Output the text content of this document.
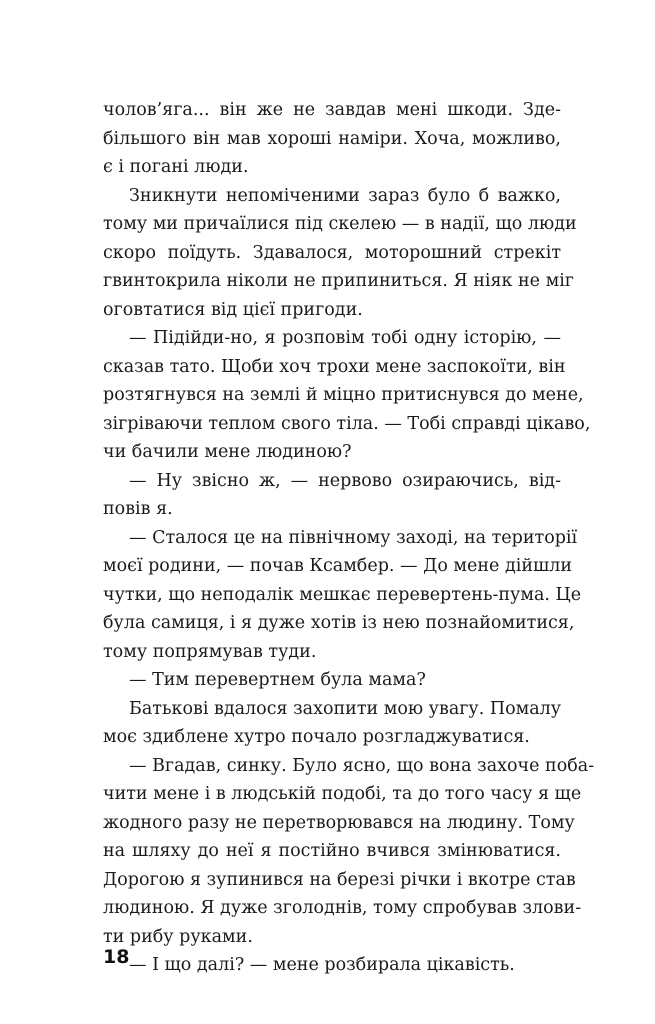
чолов’яга... він же не завдав мені шкоди. Зде-
більшого він мав хороші наміри. Хоча, можливо,
є і погані люди.
Зникнути непоміченими зараз було б важко,
тому ми причаїлися під скелею — в надії, що люди
скоро поїдуть. Здавалося, моторошний стрекіт
гвинтокрила ніколи не припиниться. Я ніяк не міг
оговтатися від цієї пригоди.
— Підійди-но, я розповім тобі одну історію, —
сказав тато. Щоби хоч трохи мене заспокоїти, він
розтягнувся на землі й міцно притиснувся до мене,
зігріваючи теплом свого тіла. — Тобі справді цікаво,
чи бачили мене людиною?
— Ну звісно ж, — нервово озираючись, від-
повів я.
— Сталося це на північному заході, на території
моєї родини, — почав Ксамбер. — До мене дійшли
чутки, що неподалік мешкає перевертень-пума. Це
була самиця, і я дуже хотів із нею познайомитися,
тому попрямував туди.
— Тим перевертнем була мама?
Батькові вдалося захопити мою увагу. Помалу
моє здиблене хутро почало розгладжуватися.
— Вгадав, синку. Було ясно, що вона захоче поба-
чити мене і в людській подобі, та до того часу я ще
жодного разу не перетворювався на людину. Тому
на шляху до неї я постійно вчився змінюватися.
Дорогою я зупинився на березі річки і вкотре став
людиною. Я дуже зголоднів, тому спробував злови-
ти рибу руками.
— І що далі? — мене розбирала цікавість.
18
